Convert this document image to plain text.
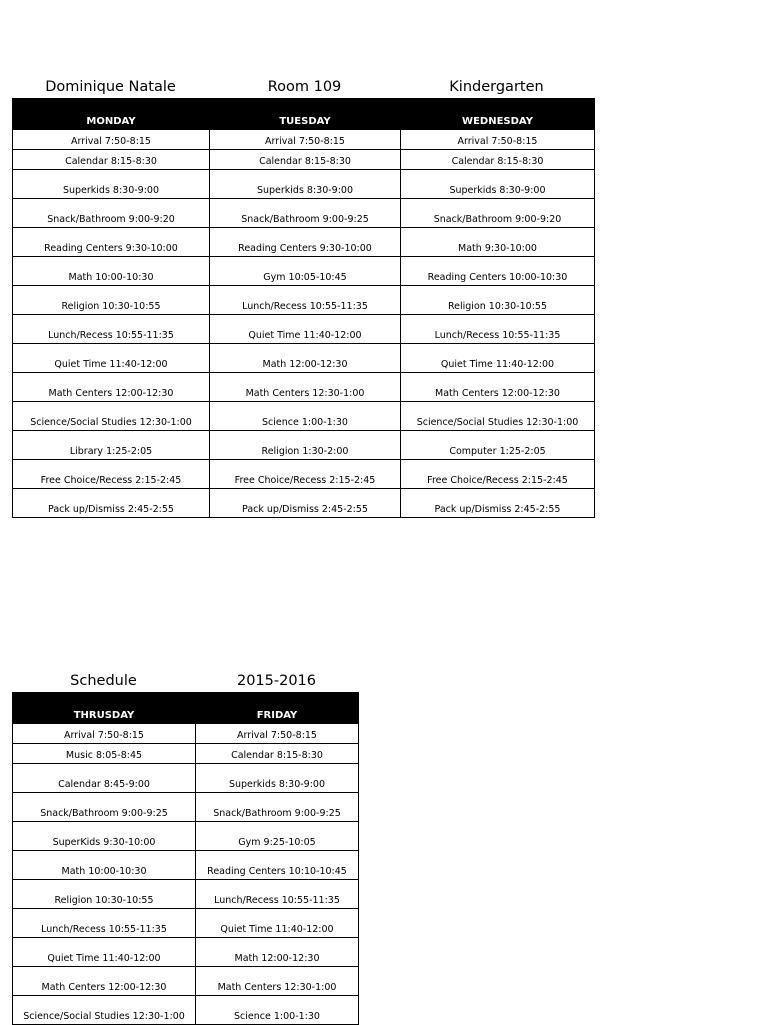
Dominique Natale	Room 109	Kindergarten
MONDAY	TUESDAY	WEDNESDAY
Arrival 7:50-8:15	Arrival 7:50-8:15	Arrival 7:50-8:15
Calendar 8:15-8:30	Calendar 8:15-8:30	Calendar 8:15-8:30
Superkids 8:30-9:00	Superkids 8:30-9:00	Superkids 8:30-9:00
Snack/Bathroom 9:00-9:20	Snack/Bathroom 9:00-9:25	Snack/Bathroom 9:00-9:20
Reading Centers 9:30-10:00	Reading Centers 9:30-10:00	Math 9:30-10:00
Math 10:00-10:30	Gym 10:05-10:45	Reading Centers 10:00-10:30
Religion 10:30-10:55	Lunch/Recess 10:55-11:35	Religion 10:30-10:55
Lunch/Recess 10:55-11:35	Quiet Time 11:40-12:00	Lunch/Recess 10:55-11:35
Quiet Time 11:40-12:00	Math 12:00-12:30	Quiet Time 11:40-12:00
Math Centers 12:00-12:30	Math Centers 12:30-1:00	Math Centers 12:00-12:30
Science/Social Studies 12:30-1:00	Science 1:00-1:30	Science/Social Studies 12:30-1:00
Library 1:25-2:05	Religion 1:30-2:00	Computer 1:25-2:05
Free Choice/Recess 2:15-2:45	Free Choice/Recess 2:15-2:45	Free Choice/Recess 2:15-2:45
Pack up/Dismiss 2:45-2:55	Pack up/Dismiss 2:45-2:55	Pack up/Dismiss 2:45-2:55
Schedule	2015-2016
THRUSDAY	FRIDAY
Arrival 7:50-8:15	Arrival 7:50-8:15
Music 8:05-8:45	Calendar 8:15-8:30
Calendar 8:45-9:00	Superkids 8:30-9:00
Snack/Bathroom 9:00-9:25	Snack/Bathroom 9:00-9:25
SuperKids 9:30-10:00	Gym 9:25-10:05
Math 10:00-10:30	Reading Centers 10:10-10:45
Religion 10:30-10:55	Lunch/Recess 10:55-11:35
Lunch/Recess 10:55-11:35	Quiet Time 11:40-12:00
Quiet Time 11:40-12:00	Math 12:00-12:30
Math Centers 12:00-12:30	Math Centers 12:30-1:00
Science/Social Studies 12:30-1:00	Science 1:00-1:30
